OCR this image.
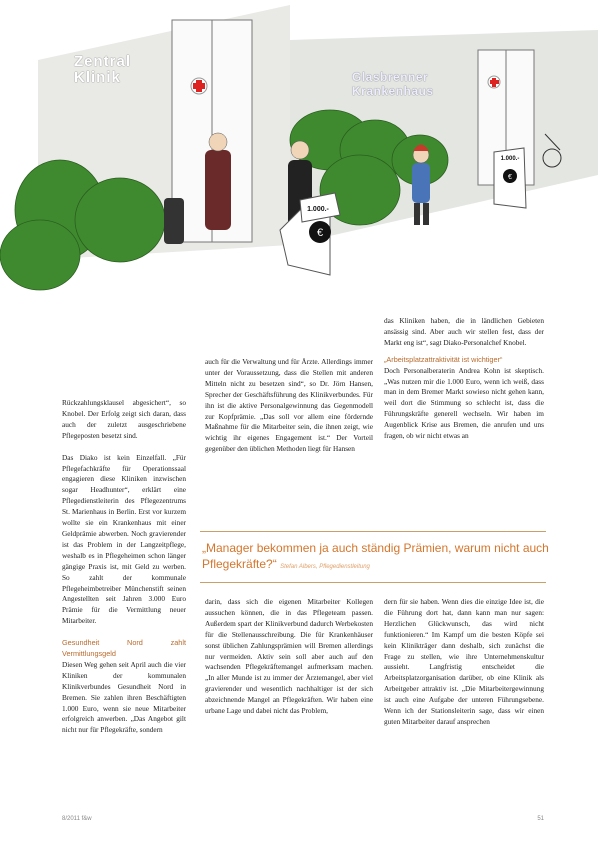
€
1.000.-
1.000.-
€
Zentral
Klinik	Glasbrenner
Krankenhaus

Rückzahlungsklausel abgesichert“, so Knobel. Der Erfolg zeigt sich daran, dass auch der zuletzt ausgeschriebene Pflegeposten besetzt sind.

Das Diako ist kein Einzelfall. „Für Pflegefachkräfte für Operationssaal engagieren diese Kliniken inzwischen sogar Headhunter“, erklärt eine Pflegedienstleiterin des Pflegezentrums St. Marienhaus in Berlin. Erst vor kurzem wollte sie ein Krankenhaus mit einer Geldprämie abwerben. Noch gravierender ist das Problem in der Langzeitpflege, weshalb es in Pflegeheimen schon länger gängige Praxis ist, mit Geld zu werben. So zahlt der kommunale Pflegeheimbetreiber Münchenstift seinen Angestellten seit Jahren 3.000 Euro Prämie für die Vermittlung neuer Mitarbeiter.

Gesundheit Nord zahlt Vermittlungsgeld

Diesen Weg gehen seit April auch die vier Kliniken der kommunalen Klinikverbundes Gesundheit Nord in Bremen. Sie zahlen ihren Beschäftigten 1.000 Euro, wenn sie neue Mitarbeiter erfolgreich anwerben. „Das Angebot gilt nicht nur für Pflegekräfte, sondern

auch für die Verwaltung und für Ärzte. Allerdings immer unter der Voraussetzung, dass die Stellen mit anderen Mitteln nicht zu besetzen sind“, so Dr. Jörn Hansen, Sprecher der Geschäftsführung des Klinikverbundes. Für ihn ist die aktive Personalgewinnung das Gegenmodell zur Kopfprämie. „Das soll vor allem eine fördernde Maßnahme für die Mitarbeiter sein, die ihnen zeigt, wie wichtig ihr eigenes Engagement ist.“ Der Vorteil gegenüber den üblichen Methoden liegt für Hansen

das Kliniken haben, die in ländlichen Gebieten ansässig sind. Aber auch wir stellen fest, dass der Markt eng ist“, sagt Diako-Personalchef Knobel.

„Arbeitsplatzattraktivität ist wichtiger“

Doch Personalberaterin Andrea Kohn ist skeptisch. „Was nutzen mir die 1.000 Euro, wenn ich weiß, dass man in dem Bremer Markt sowieso nicht gehen kann, weil dort die Stimmung so schlecht ist, dass die Führungskräfte generell wechseln. Wir haben im Augenblick Krise aus Bremen, die anrufen und uns fragen, ob wir nicht etwas an

„Manager bekommen ja auch ständig Prämien, warum nicht auch Pflegekräfte?“ Stefan Albers, Pflegedienstleitung

darin, dass sich die eigenen Mitarbeiter Kollegen aussuchen können, die in das Pflegeteam passen. Außerdem spart der Klinikverbund dadurch Werbekosten für die Stellenausschreibung. Die für Krankenhäuser sonst üblichen Zahlungsprämien will Bremen allerdings nur vermeiden. Aktiv sein soll aber auch auf den wachsenden Pflegekräftemangel aufmerksam machen. „In aller Munde ist zu immer der Ärztemangel, aber viel gravierender und wesentlich nachhaltiger ist der sich abzeichnende Mangel an Pflegekräften. Wir haben eine urbane Lage und dabei nicht das Problem,

dern für sie haben. Wenn dies die einzige Idee ist, die die Führung dort hat, dann kann man nur sagen: Herzlichen Glückwunsch, das wird nicht funktionieren.“ Im Kampf um die besten Köpfe sei kein Klinikträger dann deshalb, sich zunächst die Frage zu stellen, wie ihre Unternehmenskultur aussieht. Langfristig entscheidet die Arbeitsplatzorganisation darüber, ob eine Klinik als Arbeitgeber attraktiv ist. „Die Mitarbeitergewinnung ist auch eine Aufgabe der unteren Führungsebene. Wenn ich der Stationsleiterin sage, dass wir einen guten Mitarbeiter darauf ansprechen

8/2011 f&w	51
